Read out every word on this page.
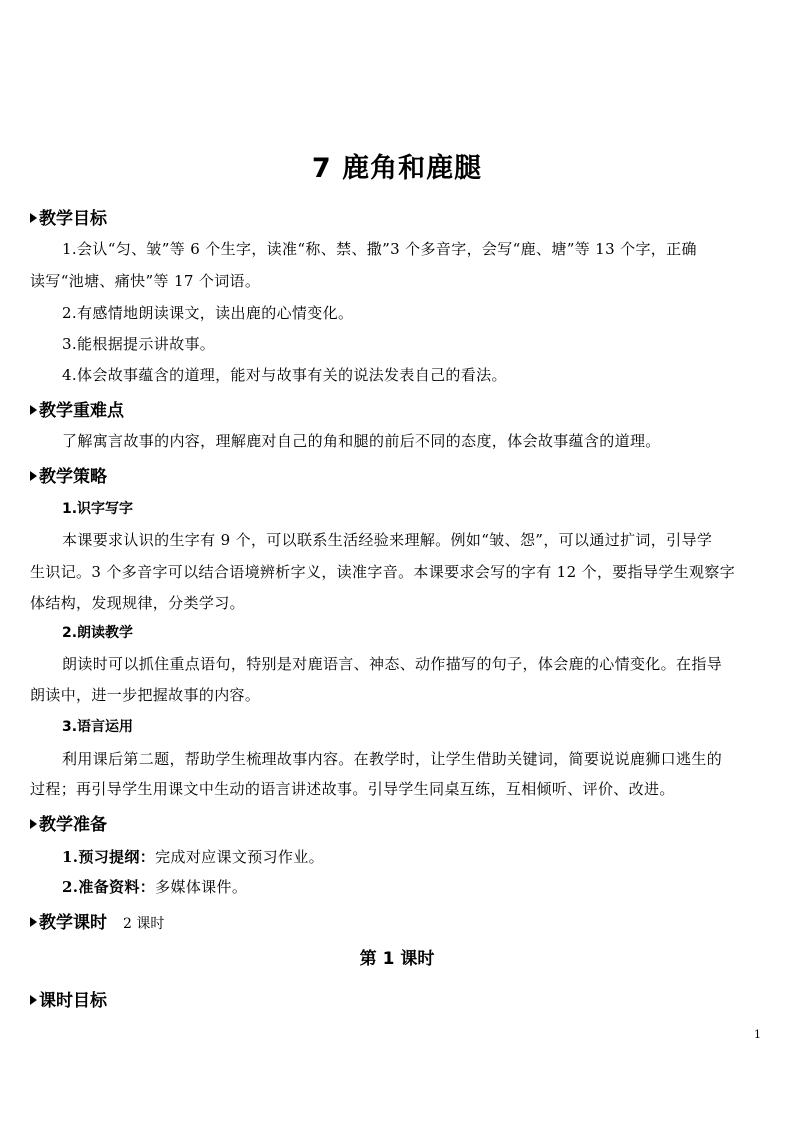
7 鹿角和鹿腿
教学目标
1.会认“匀、皱”等 6 个生字，读准“称、禁、撒”3 个多音字，会写“鹿、塘”等 13 个字，正确
读写“池塘、痛快”等 17 个词语。
2.有感情地朗读课文，读出鹿的心情变化。
3.能根据提示讲故事。
4.体会故事蕴含的道理，能对与故事有关的说法发表自己的看法。
教学重难点
了解寓言故事的内容，理解鹿对自己的角和腿的前后不同的态度，体会故事蕴含的道理。
教学策略
1.识字写字
本课要求认识的生字有 9 个，可以联系生活经验来理解。例如“皱、怨”，可以通过扩词，引导学
生识记。3 个多音字可以结合语境辨析字义，读准字音。本课要求会写的字有 12 个，要指导学生观察字
体结构，发现规律，分类学习。
2.朗读教学
朗读时可以抓住重点语句，特别是对鹿语言、神态、动作描写的句子，体会鹿的心情变化。在指导
朗读中，进一步把握故事的内容。
3.语言运用
利用课后第二题，帮助学生梳理故事内容。在教学时，让学生借助关键词，简要说说鹿狮口逃生的
过程；再引导学生用课文中生动的语言讲述故事。引导学生同桌互练，互相倾听、评价、改进。
教学准备
1.预习提纲：完成对应课文预习作业。
2.准备资料：多媒体课件。
教学课时 2 课时
第 1 课时
课时目标
1
